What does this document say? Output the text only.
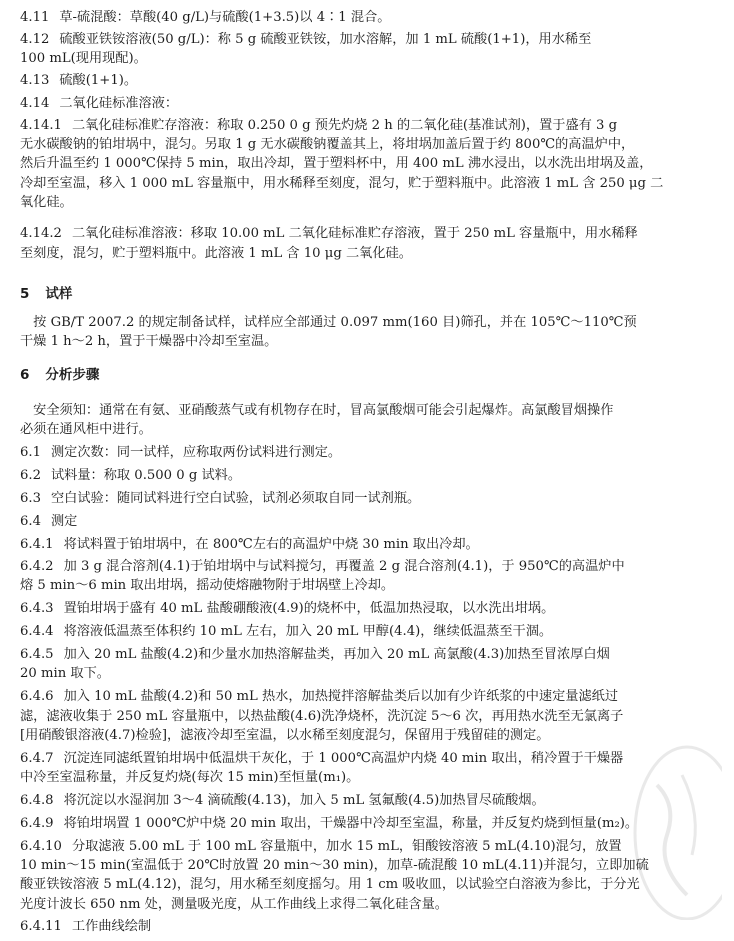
4.11 草-硫混酸：草酸(40 g/L)与硫酸(1+3.5)以 4∶1 混合。
4.12 硫酸亚铁铵溶液(50 g/L)：称 5 g 硫酸亚铁铵，加水溶解，加 1 mL 硫酸(1+1)，用水稀至
100 mL(现用现配)。
4.13 硫酸(1+1)。
4.14 二氧化硅标准溶液：
4.14.1 二氧化硅标准贮存溶液：称取 0.250 0 g 预先灼烧 2 h 的二氧化硅(基准试剂)，置于盛有 3 g
无水碳酸钠的铂坩埚中，混匀。另取 1 g 无水碳酸钠覆盖其上，将坩埚加盖后置于约 800℃的高温炉中，
然后升温至约 1 000℃保持 5 min，取出冷却，置于塑料杯中，用 400 mL 沸水浸出，以水洗出坩埚及盖，
冷却至室温，移入 1 000 mL 容量瓶中，用水稀释至刻度，混匀，贮于塑料瓶中。此溶液 1 mL 含 250 μg 二
氧化硅。
4.14.2 二氧化硅标准溶液：移取 10.00 mL 二氧化硅标准贮存溶液，置于 250 mL 容量瓶中，用水稀释
至刻度，混匀，贮于塑料瓶中。此溶液 1 mL 含 10 μg 二氧化硅。
5 试样
　按 GB/T 2007.2 的规定制备试样，试样应全部通过 0.097 mm(160 目)筛孔，并在 105℃～110℃预
干燥 1 h～2 h，置于干燥器中冷却至室温。
6 分析步骤
　安全须知：通常在有氨、亚硝酸蒸气或有机物存在时，冒高氯酸烟可能会引起爆炸。高氯酸冒烟操作
必须在通风柜中进行。
6.1 测定次数：同一试样，应称取两份试料进行测定。
6.2 试料量：称取 0.500 0 g 试料。
6.3 空白试验：随同试料进行空白试验，试剂必须取自同一试剂瓶。
6.4 测定
6.4.1 将试料置于铂坩埚中，在 800℃左右的高温炉中烧 30 min 取出冷却。
6.4.2 加 3 g 混合溶剂(4.1)于铂坩埚中与试料搅匀，再覆盖 2 g 混合溶剂(4.1)，于 950℃的高温炉中
熔 5 min～6 min 取出坩埚，摇动使熔融物附于坩埚壁上冷却。
6.4.3 置铂坩埚于盛有 40 mL 盐酸硼酸液(4.9)的烧杯中，低温加热浸取，以水洗出坩埚。
6.4.4 将溶液低温蒸至体积约 10 mL 左右，加入 20 mL 甲醇(4.4)，继续低温蒸至干涸。
6.4.5 加入 20 mL 盐酸(4.2)和少量水加热溶解盐类，再加入 20 mL 高氯酸(4.3)加热至冒浓厚白烟
20 min 取下。
6.4.6 加入 10 mL 盐酸(4.2)和 50 mL 热水，加热搅拌溶解盐类后以加有少许纸浆的中速定量滤纸过
滤，滤液收集于 250 mL 容量瓶中，以热盐酸(4.6)洗净烧杯，洗沉淀 5～6 次，再用热水洗至无氯离子
[用硝酸银溶液(4.7)检验]，滤液冷却至室温，以水稀至刻度混匀，保留用于残留硅的测定。
6.4.7 沉淀连同滤纸置铂坩埚中低温烘干灰化，于 1 000℃高温炉内烧 40 min 取出，稍冷置于干燥器
中冷至室温称量，并反复灼烧(每次 15 min)至恒量(m₁)。
6.4.8 将沉淀以水湿润加 3～4 滴硫酸(4.13)，加入 5 mL 氢氟酸(4.5)加热冒尽硫酸烟。
6.4.9 将铂坩埚置 1 000℃炉中烧 20 min 取出，干燥器中冷却至室温，称量，并反复灼烧到恒量(m₂)。
6.4.10 分取滤液 5.00 mL 于 100 mL 容量瓶中，加水 15 mL，钼酸铵溶液 5 mL(4.10)混匀，放置
10 min～15 min(室温低于 20℃时放置 20 min～30 min)，加草-硫混酸 10 mL(4.11)并混匀，立即加硫
酸亚铁铵溶液 5 mL(4.12)，混匀，用水稀至刻度摇匀。用 1 cm 吸收皿，以试验空白溶液为参比，于分光
光度计波长 650 nm 处，测量吸光度，从工作曲线上求得二氧化硅含量。
6.4.11 工作曲线绘制
